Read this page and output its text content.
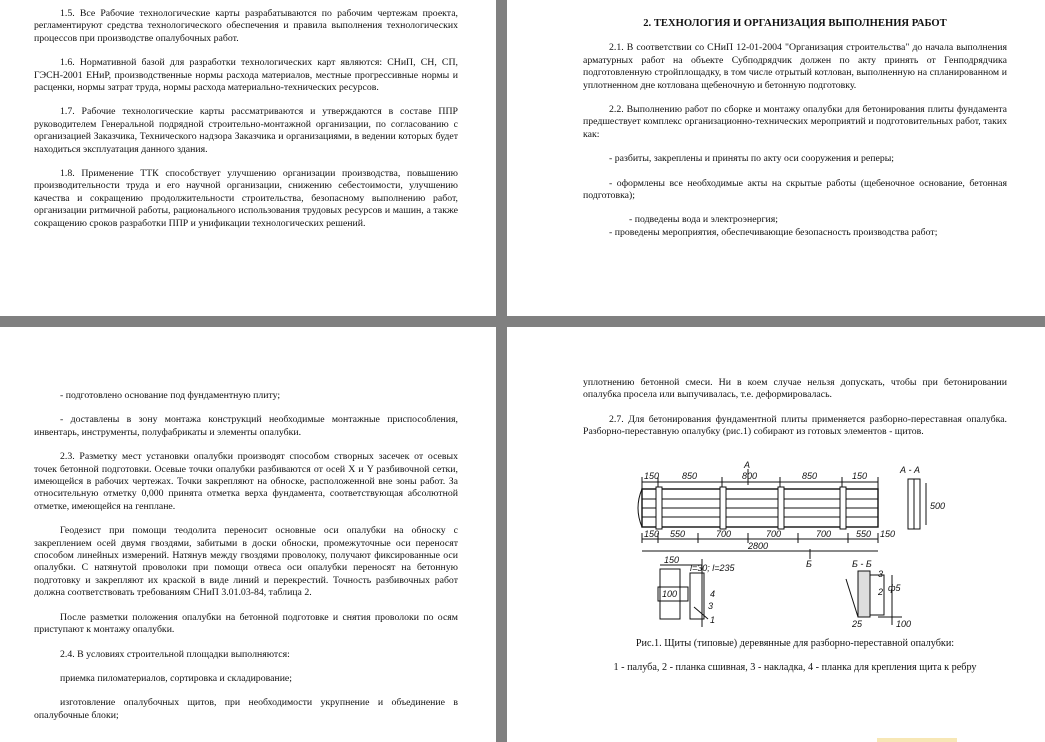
1.5. Все Рабочие технологические карты разрабатываются по рабочим чертежам проекта, регламентируют средства технологического обеспечения и правила выполнения технологических процессов при производстве опалубочных работ.

1.6. Нормативной базой для разработки технологических карт являются: СНиП, СН, СП, ГЭСН-2001 ЕНиР, производственные нормы расхода материалов, местные прогрессивные нормы и расценки, нормы затрат труда, нормы расхода материально-технических ресурсов.

1.7. Рабочие технологические карты рассматриваются и утверждаются в составе ППР руководителем Генеральной подрядной строительно-монтажной организации, по согласованию с организацией Заказчика, Технического надзора Заказчика и организациями, в ведении которых будет находиться эксплуатация данного здания.

1.8. Применение ТТК способствует улучшению организации производства, повышению производительности труда и его научной организации, снижению себестоимости, улучшению качества и сокращению продолжительности строительства, безопасному выполнению работ, организации ритмичной работы, рационального использования трудовых ресурсов и машин, а также сокращению сроков разработки ППР и унификации технологических решений.

2. ТЕХНОЛОГИЯ И ОРГАНИЗАЦИЯ ВЫПОЛНЕНИЯ РАБОТ

2.1. В соответствии со СНиП 12-01-2004 "Организация строительства" до начала выполнения арматурных работ на объекте Субподрядчик должен по акту принять от Генподрядчика подготовленную стройплощадку, в том числе отрытый котлован, выполненную на спланированном и уплотненном дне котлована щебеночную и бетонную подготовку.

2.2. Выполнению работ по сборке и монтажу опалубки для бетонирования плиты фундамента предшествует комплекс организационно-технических мероприятий и подготовительных работ, таких как:

- разбиты, закреплены и приняты по акту оси сооружения и реперы;

- оформлены все необходимые акты на скрытые работы (щебеночное основание, бетонная подготовка);

- подведены вода и электроэнергия;

- проведены мероприятия, обеспечивающие безопасность производства работ;

- подготовлено основание под фундаментную плиту;

- доставлены в зону монтажа конструкций необходимые монтажные приспособления, инвентарь, инструменты, полуфабрикаты и элементы опалубки.

2.3. Разметку мест установки опалубки производят способом створных засечек от осевых точек бетонной подготовки. Осевые точки опалубки разбиваются от осей X и Y разбивочной сетки, имеющейся в рабочих чертежах. Точки закрепляют на обноске, расположенной вне зоны работ. За относительную отметку 0,000 принята отметка верха фундамента, соответствующая абсолютной отметке, имеющейся на генплане.

Геодезист при помощи теодолита переносит основные оси опалубки на обноску с закреплением осей двумя гвоздями, забитыми в доски обноски, промежуточные оси переносят способом линейных измерений. Натянув между гвоздями проволоку, получают фиксированные оси опалубки. С натянутой проволоки при помощи отвеса оси опалубки переносят на бетонную подготовку и закрепляют их краской в виде линий и перекрестий. Точность разбивочных работ должна соответствовать требованиям СНиП 3.01.03-84, таблица 2.

После разметки положения опалубки на бетонной подготовке и снятия проволоки по осям приступают к монтажу опалубки.

2.4. В условиях строительной площадки выполняются:

приемка пиломатериалов, сортировка и складирование;

изготовление опалубочных щитов, при необходимости укрупнение и объединение в опалубочные блоки;

уплотнению бетонной смеси. Ни в коем случае нельзя допускать, чтобы при бетонировании опалубка просела или выпучивалась, т.е. деформировалась.

2.7. Для бетонирования фундаментной плиты применяется разборно-переставная опалубка. Разборно-переставную опалубку (рис.1) собирают из готовых элементов - щитов.

А
150	850	800	850	150
150 550	700	700	700	550 150
2800
А - А
500
Б	Б - Б
150
100
l=30; l=235
4
3
1
3
2 ф5
25	100

Рис.1. Щиты (типовые) деревянные для разборно-переставной опалубки:

1 - палуба, 2 - планка сшивная, 3 - накладка, 4 - планка для крепления щита к ребру
